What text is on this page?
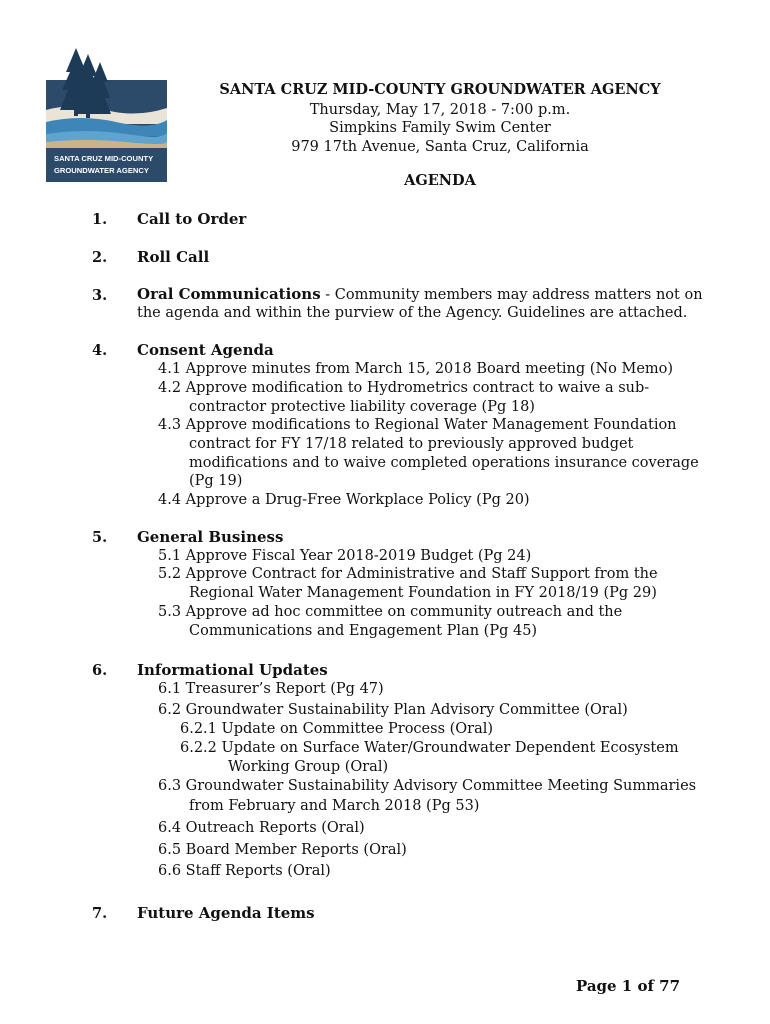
SANTA CRUZ MID-COUNTY
GROUNDWATER AGENCY
SANTA CRUZ MID-COUNTY GROUNDWATER AGENCY
Thursday, May 17, 2018 - 7:00 p.m.
Simpkins Family Swim Center
979 17th Avenue, Santa Cruz, California
AGENDA
1. Call to Order
2. Roll Call
3. Oral Communications - Community members may address matters not on
the agenda and within the purview of the Agency. Guidelines are attached.
4. Consent Agenda
4.1 Approve minutes from March 15, 2018 Board meeting (No Memo)
4.2 Approve modification to Hydrometrics contract to waive a sub-
contractor protective liability coverage (Pg 18)
4.3 Approve modifications to Regional Water Management Foundation
contract for FY 17/18 related to previously approved budget
modifications and to waive completed operations insurance coverage
(Pg 19)
4.4 Approve a Drug-Free Workplace Policy (Pg 20)
5. General Business
5.1 Approve Fiscal Year 2018-2019 Budget (Pg 24)
5.2 Approve Contract for Administrative and Staff Support from the
Regional Water Management Foundation in FY 2018/19 (Pg 29)
5.3 Approve ad hoc committee on community outreach and the
Communications and Engagement Plan (Pg 45)
6. Informational Updates
6.1 Treasurer’s Report (Pg 47)
6.2 Groundwater Sustainability Plan Advisory Committee (Oral)
6.2.1 Update on Committee Process (Oral)
6.2.2 Update on Surface Water/Groundwater Dependent Ecosystem
Working Group (Oral)
6.3 Groundwater Sustainability Advisory Committee Meeting Summaries
from February and March 2018 (Pg 53)
6.4 Outreach Reports (Oral)
6.5 Board Member Reports (Oral)
6.6 Staff Reports (Oral)
7. Future Agenda Items
Page 1 of 77
